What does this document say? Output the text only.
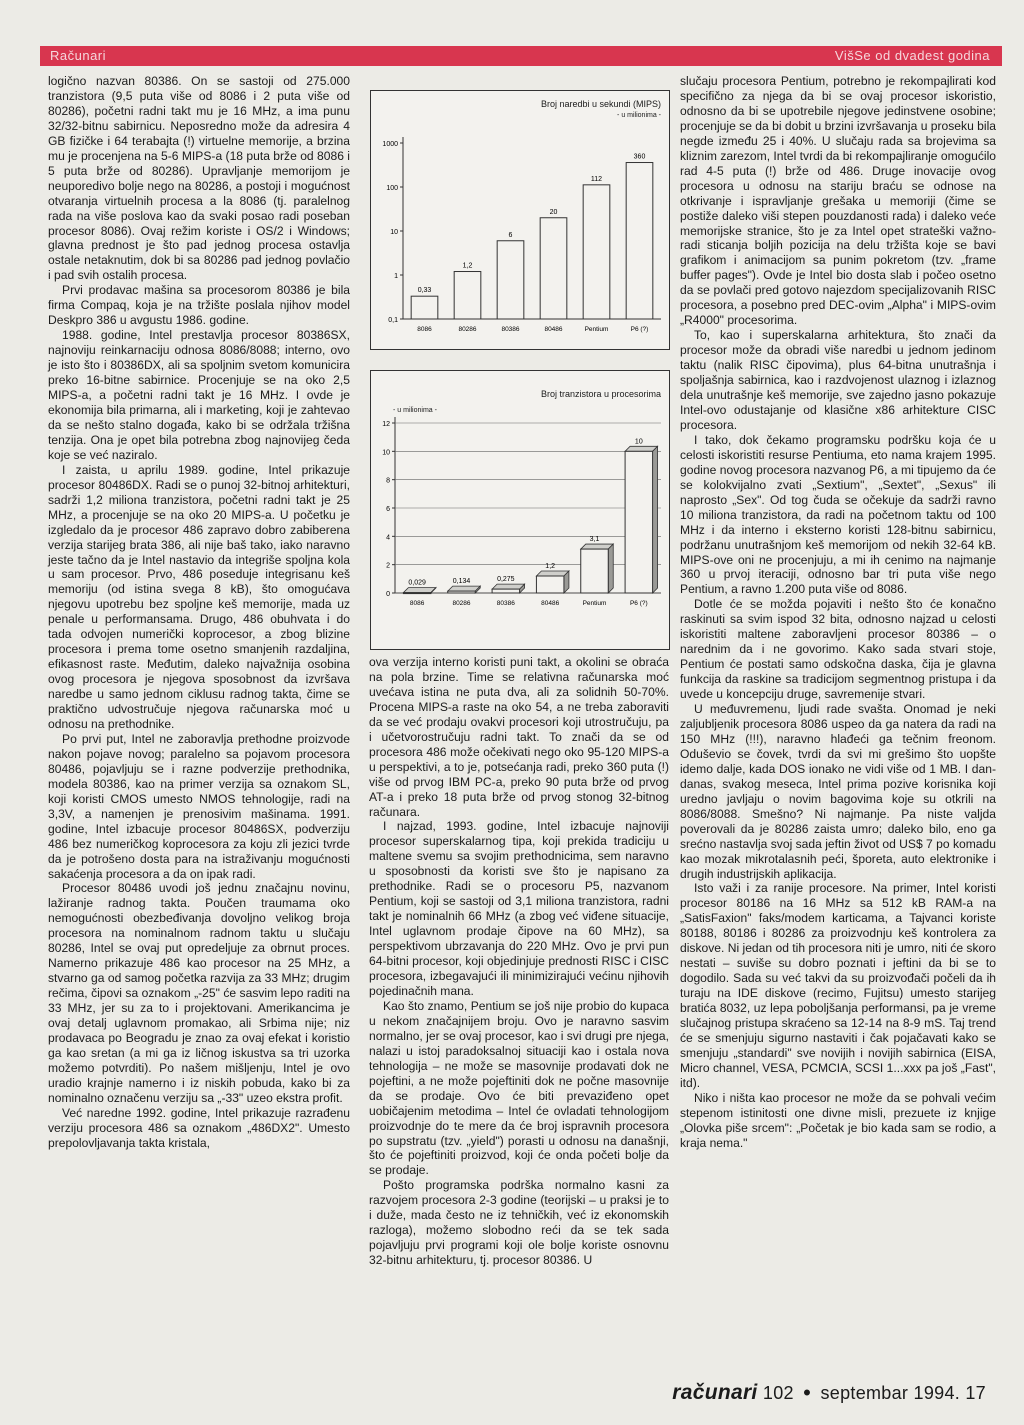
Računari	VišSe od dvadest godina

logično nazvan 80386. On se sastoji od 275.000 tranzistora (9,5 puta više od 8086 i 2 puta više od 80286), početni radni takt mu je 16 MHz, a ima punu 32/32-bitnu sabirnicu. Neposredno može da adresira 4 GB fizičke i 64 terabajta (!) virtuelne memorije, a brzina mu je procenjena na 5-6 MIPS-a (18 puta brže od 8086 i 5 puta brže od 80286). Upravljanje memorijom je neuporedivo bolje nego na 80286, a postoji i mogućnost otvaranja virtuelnih procesa a la 8086 (tj. paralelnog rada na više poslova kao da svaki posao radi poseban procesor 8086). Ovaj režim koriste i OS/2 i Windows; glavna prednost je što pad jednog procesa ostavlja ostale netaknutim, dok bi sa 80286 pad jednog povlačio i pad svih ostalih procesa.

Prvi prodavac mašina sa procesorom 80386 je bila firma Compaq, koja je na tržište poslala njihov model Deskpro 386 u avgustu 1986. godine.

1988. godine, Intel prestavlja procesor 80386SX, najnoviju reinkarnaciju odnosa 8086/8088; interno, ovo je isto što i 80386DX, ali sa spoljnim svetom komunicira preko 16-bitne sabirnice. Procenjuje se na oko 2,5 MIPS-a, a početni radni takt je 16 MHz. I ovde je ekonomija bila primarna, ali i marketing, koji je zahtevao da se nešto stalno događa, kako bi se održala tržišna tenzija. Ona je opet bila potrebna zbog najnovijeg čeda koje se već naziralo.

I zaista, u aprilu 1989. godine, Intel prikazuje procesor 80486DX. Radi se o punoj 32-bitnoj arhitekturi, sadrži 1,2 miliona tranzistora, početni radni takt je 25 MHz, a procenjuje se na oko 20 MIPS-a. U početku je izgledalo da je procesor 486 zapravo dobro zabiberena verzija starijeg brata 386, ali nije baš tako, iako naravno jeste tačno da je Intel nastavio da integriše spoljna kola u sam procesor. Prvo, 486 poseduje integrisanu keš memoriju (od istina svega 8 kB), što omogućava njegovu upotrebu bez spoljne keš memorije, mada uz penale u performansama. Drugo, 486 obuhvata i do tada odvojen numerički koprocesor, a zbog blizine procesora i prema tome osetno smanjenih razdaljina, efikasnost raste. Međutim, daleko najvažnija osobina ovog procesora je njegova sposobnost da izvršava naredbe u samo jednom ciklusu radnog takta, čime se praktično udvostručuje njegova računarska moć u odnosu na prethodnike.

Po prvi put, Intel ne zaboravlja prethodne proizvode nakon pojave novog; paralelno sa pojavom procesora 80486, pojavljuju se i razne podverzije prethodnika, modela 80386, kao na primer verzija sa oznakom SL, koji koristi CMOS umesto NMOS tehnologije, radi na 3,3V, a namenjen je prenosivim mašinama. 1991. godine, Intel izbacuje procesor 80486SX, podverziju 486 bez numeričkog koprocesora za koju zli jezici tvrde da je potrošeno dosta para na istraživanju mogućnosti sakaćenja procesora a da on ipak radi.

Procesor 80486 uvodi još jednu značajnu novinu, lažiranje radnog takta. Poučen traumama oko nemogućnosti obezbeđivanja dovoljno velikog broja procesora na nominalnom radnom taktu u slučaju 80286, Intel se ovaj put opredeljuje za obrnut proces. Namerno prikazuje 486 kao procesor na 25 MHz, a stvarno ga od samog početka razvija za 33 MHz; drugim rečima, čipovi sa oznakom „-25" će sasvim lepo raditi na 33 MHz, jer su za to i projektovani. Amerikancima je ovaj detalj uglavnom promakao, ali Srbima nije; niz prodavaca po Beogradu je znao za ovaj efekat i koristio ga kao sretan (a mi ga iz ličnog iskustva sa tri uzorka možemo potvrditi). Po našem mišljenju, Intel je ovo uradio krajnje namerno i iz niskih pobuda, kako bi za nominalno označenu verziju sa „-33" uzeo ekstra profit.

Već naredne 1992. godine, Intel prikazuje razrađenu verziju procesora 486 sa oznakom „486DX2". Umesto prepolovljavanja takta kristala,

Broj naredbi u sekundi (MIPS)
- u milionima -
1000
100
10
1
0,1
0,33
8086
1,2
80286
6
80386
20
80486
112
Pentium
360
P6 (?)
Broj tranzistora u procesorima
- u milionima -
12
10
8
6
4
2
0
0,029
8086
0,134
80286
0,275
80386
1,2
80486
3,1
Pentium
10
P6 (?)

ova verzija interno koristi puni takt, a okolini se obraća na pola brzine. Time se relativna računarska moć uvećava istina ne puta dva, ali za solidnih 50-70%. Procena MIPS-a raste na oko 54, a ne treba zaboraviti da se već prodaju ovakvi procesori koji utrostručuju, pa i učetvorostručuju radni takt. To znači da se od procesora 486 može očekivati nego oko 95-120 MIPS-a u perspektivi, a to je, potsećanja radi, preko 360 puta (!) više od prvog IBM PC-a, preko 90 puta brže od prvog AT-a i preko 18 puta brže od prvog stonog 32-bitnog računara.

I najzad, 1993. godine, Intel izbacuje najnoviji procesor superskalarnog tipa, koji prekida tradiciju u maltene svemu sa svojim prethodnicima, sem naravno u sposobnosti da koristi sve što je napisano za prethodnike. Radi se o procesoru P5, nazvanom Pentium, koji se sastoji od 3,1 miliona tranzistora, radni takt je nominalnih 66 MHz (a zbog već viđene situacije, Intel uglavnom prodaje čipove na 60 MHz), sa perspektivom ubrzavanja do 220 MHz. Ovo je prvi pun 64-bitni procesor, koji objedinjuje prednosti RISC i CISC procesora, izbegavajući ili minimizirajući većinu njihovih pojedinačnih mana.

Kao što znamo, Pentium se još nije probio do kupaca u nekom značajnijem broju. Ovo je naravno sasvim normalno, jer se ovaj procesor, kao i svi drugi pre njega, nalazi u istoj paradoksalnoj situaciji kao i ostala nova tehnologija – ne može se masovnije prodavati dok ne pojeftini, a ne može pojeftiniti dok ne počne masovnije da se prodaje. Ovo će biti prevaziđeno opet uobičajenim metodima – Intel će ovladati tehnologijom proizvodnje do te mere da će broj ispravnih procesora po supstratu (tzv. „yield") porasti u odnosu na današnji, što će pojeftiniti proizvod, koji će onda početi bolje da se prodaje.

Pošto programska podrška normalno kasni za razvojem procesora 2-3 godine (teorijski – u praksi je to i duže, mada često ne iz tehničkih, već iz ekonomskih razloga), možemo slobodno reći da se tek sada pojavljuju prvi programi koji ole bolje koriste osnovnu 32-bitnu arhitekturu, tj. procesor 80386. U

slučaju procesora Pentium, potrebno je rekompajlirati kod specifično za njega da bi se ovaj procesor iskoristio, odnosno da bi se upotrebile njegove jedinstvene osobine; procenjuje se da bi dobit u brzini izvršavanja u proseku bila negde između 25 i 40%. U slučaju rada sa brojevima sa kliznim zarezom, Intel tvrdi da bi rekompajliranje omogućilo rad 4-5 puta (!) brže od 486. Druge inovacije ovog procesora u odnosu na stariju braću se odnose na otkrivanje i ispravljanje grešaka u memoriji (čime se postiže daleko viši stepen pouzdanosti rada) i daleko veće memorijske stranice, što je za Intel opet strateški važno-radi sticanja boljih pozicija na delu tržišta koje se bavi grafikom i animacijom sa punim pokretom (tzv. „frame buffer pages"). Ovde je Intel bio dosta slab i počeo osetno da se povlači pred gotovo najezdom specijalizovanih RISC procesora, a posebno pred DEC-ovim „Alpha" i MIPS-ovim „R4000" procesorima.

To, kao i superskalarna arhitektura, što znači da procesor može da obradi više naredbi u jednom jedinom taktu (nalik RISC čipovima), plus 64-bitna unutrašnja i spoljašnja sabirnica, kao i razdvojenost ulaznog i izlaznog dela unutrašnje keš memorije, sve zajedno jasno pokazuje Intel-ovo odustajanje od klasične x86 arhitekture CISC procesora.

I tako, dok čekamo programsku podršku koja će u celosti iskoristiti resurse Pentiuma, eto nama krajem 1995. godine novog procesora nazvanog P6, a mi tipujemo da će se kolokvijalno zvati „Sextium", „Sextet", „Sexus" ili naprosto „Sex". Od tog čuda se očekuje da sadrži ravno 10 miliona tranzistora, da radi na početnom taktu od 100 MHz i da interno i eksterno koristi 128-bitnu sabirnicu, podržanu unutrašnjom keš memorijom od nekih 32-64 kB. MIPS-ove oni ne procenjuju, a mi ih cenimo na najmanje 360 u prvoj iteraciji, odnosno bar tri puta više nego Pentium, a ravno 1.200 puta više od 8086.

Dotle će se možda pojaviti i nešto što će konačno raskinuti sa svim ispod 32 bita, odnosno najzad u celosti iskoristiti maltene zaboravljeni procesor 80386 – o narednim da i ne govorimo. Kako sada stvari stoje, Pentium će postati samo odskočna daska, čija je glavna funkcija da raskine sa tradicijom segmentnog pristupa i da uvede u koncepciju druge, savremenije stvari.

U međuvremenu, ljudi rade svašta. Onomad je neki zaljubljenik procesora 8086 uspeo da ga naterа da radi na 150 MHz (!!!), naravno hlađeći ga tečnim freonom. Oduševio se čovek, tvrdi da svi mi grešimo što uopšte idemo dalje, kada DOS ionako ne vidi više od 1 MB. I dan-danas, svakog meseca, Intel prima pozive korisnika koji uredno javljaju o novim bagovima koje su otkrili na 8086/8088. Smešno? Ni najmanje. Pa niste valjda poverovali da je 80286 zaista umro; daleko bilo, eno ga srećno nastavlja svoj sada jeftin život od US$ 7 po komadu kao mozak mikrotalasnih peći, šporeta, auto elektronike i drugih industrijskih aplikacija.

Isto važi i za ranije procesore. Na primer, Intel koristi procesor 80186 na 16 MHz sa 512 kB RAM-a na „SatisFaxion" faks/modem karticama, a Tajvanci koriste 80188, 80186 i 80286 za proizvodnju keš kontrolera za diskove. Ni jedan od tih procesora niti je umro, niti će skoro nestati – suviše su dobro poznati i jeftini da bi se to dogodilo. Sada su već takvi da su proizvođači počeli da ih turaju na IDE diskove (recimo, Fujitsu) umesto starijeg bratića 8032, uz lepa poboljšanja performansi, pa je vreme slučajnog pristupa skraćeno sa 12-14 na 8-9 mS. Taj trend će se smenjuju sigurno nastaviti i čak pojačavati kako se smenjuju „standardi" sve novijih i novijih sabirnica (EISA, Micro channel, VESA, PCMCIA, SCSI 1...xxx pa još „Fast", itd).

Niko i ništa kao procesor ne može da se pohvali većim stepenom istinitosti one divne misli, prezuete iz knjige „Olovka piše srcem": „Početak je bio kada sam se rodio, a kraja nema."

računari 102 • septembar 1994. 17
